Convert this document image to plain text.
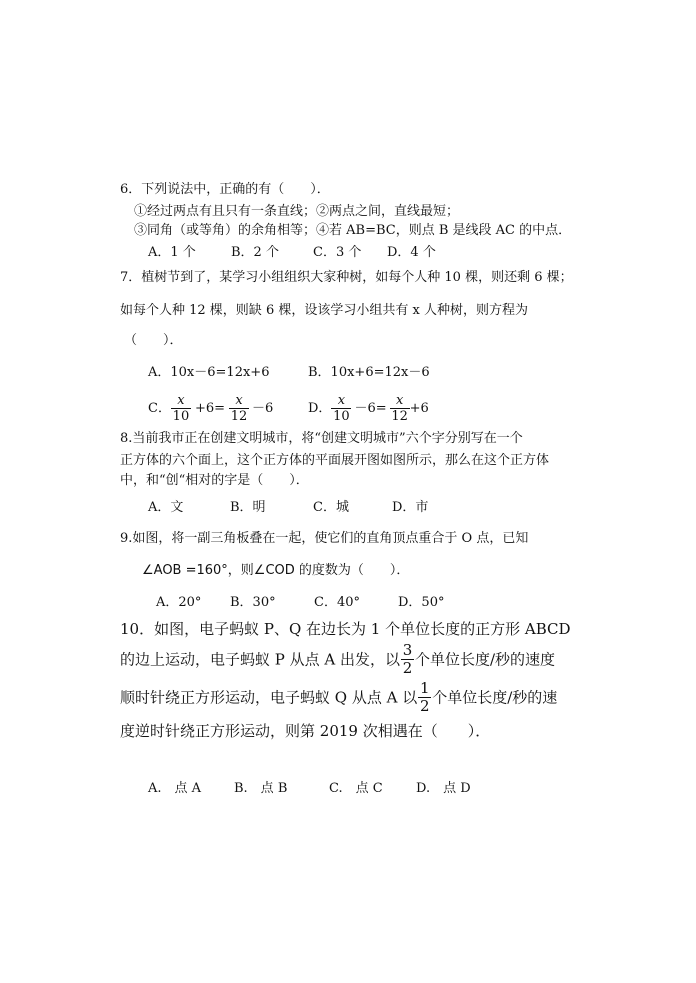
6．下列说法中，正确的有（　　）．
①经过两点有且只有一条直线；②两点之间，直线最短；
③同角（或等角）的余角相等；④若 AB=BC，则点 B 是线段 AC 的中点．
A．1 个	B．2 个	C．3 个 D．4 个
7．植树节到了，某学习小组组织大家种树，如每个人种 10 棵，则还剩 6 棵；
如每个人种 12 棵，则缺 6 棵，设该学习小组共有 x 人种树，则方程为
（　　）．
A．10x－6=12x+6	B．10x+6=12x－6
C． $\frac{x}{10} +6= \frac{x}{12} -6$	D． $\frac{x}{10} -6= \frac{x}{12} +6$
8.当前我市正在创建文明城市，将“创建文明城市”六个字分别写在一个
正方体的六个面上，这个正方体的平面展开图如图所示，那么在这个正方体
中，和“创“相对的字是（　　）．
A．文	B．明	C．城	D．市
9.如图，将一副三角板叠在一起，使它们的直角顶点重合于 O 点，已知
∠AOB =160°，则∠COD 的度数为（　　）．
A．20° B．30°	C．40°	D．50°
10．如图，电子蚂蚁 P、Q 在边长为 1 个单位长度的正方形 ABCD
的边上运动，电子蚂蚁 P 从点 A 出发，以 $\frac{3}{2}$ 个单位长度/秒的速度
顺时针绕正方形运动，电子蚂蚁 Q 从点 A 以 $\frac{1}{2}$ 个单位长度/秒的速
度逆时针绕正方形运动，则第 2019 次相遇在（　　）．
A.　点 A	B.　点 B	C.　点 C	D.　点 D
